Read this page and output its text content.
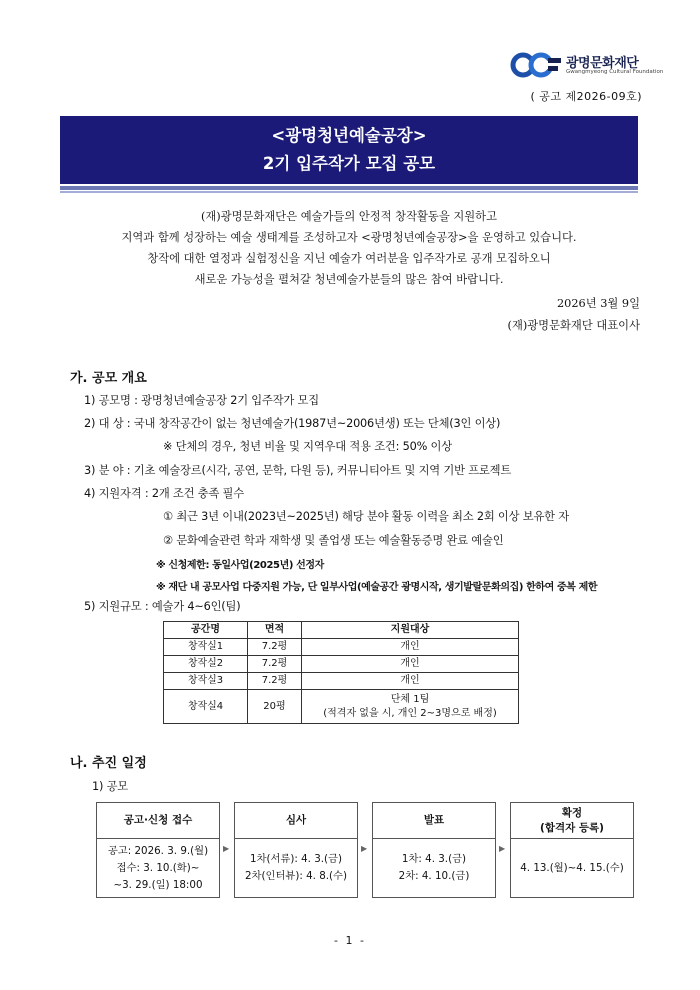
광명문화재단
Gwangmyeong Cultural Foundation
( 공고 제2026-09호)
<광명청년예술공장>
2기 입주작가 모집 공모
(재)광명문화재단은 예술가들의 안정적 창작활동을 지원하고
지역과 함께 성장하는 예술 생태계를 조성하고자 <광명청년예술공장>을 운영하고 있습니다.
창작에 대한 열정과 실험정신을 지닌 예술가 여러분을 입주작가로 공개 모집하오니
새로운 가능성을 펼쳐갈 청년예술가분들의 많은 참여 바랍니다.
2026년 3월 9일
(재)광명문화재단 대표이사
가. 공모 개요
1) 공모명 : 광명청년예술공장 2기 입주작가 모집
2) 대 상 : 국내 창작공간이 없는 청년예술가(1987년~2006년생) 또는 단체(3인 이상)
※ 단체의 경우, 청년 비율 및 지역우대 적용 조건: 50% 이상
3) 분 야 : 기초 예술장르(시각, 공연, 문학, 다원 등), 커뮤니티아트 및 지역 기반 프로젝트
4) 지원자격 : 2개 조건 충족 필수
① 최근 3년 이내(2023년~2025년) 해당 분야 활동 이력을 최소 2회 이상 보유한 자
② 문화예술관련 학과 재학생 및 졸업생 또는 예술활동증명 완료 예술인
※ 신청제한: 동일사업(2025년) 선정자
※ 재단 내 공모사업 다중지원 가능, 단 일부사업(예술공간 광명시작, 생기발랄문화의집) 한하여 중복 제한
5) 지원규모 : 예술가 4~6인(팀)
공간명	면적	지원대상
창작실1	7.2평	개인
창작실2	7.2평	개인
창작실3	7.2평	개인
창작실4	20평	단체 1팀
(적격자 없을 시, 개인 2~3명으로 배정)
나. 추진 일정
1) 공모
공고·신청 접수
공고: 2026. 3. 9.(월)
접수: 3. 10.(화)~
~3. 29.(일) 18:00
▶
심사
1차(서류): 4. 3.(금)
2차(인터뷰): 4. 8.(수)
▶
발표
1차: 4. 3.(금)
2차: 4. 10.(금)
▶
확정
(합격자 등록)
4. 13.(월)~4. 15.(수)
- 1 -
